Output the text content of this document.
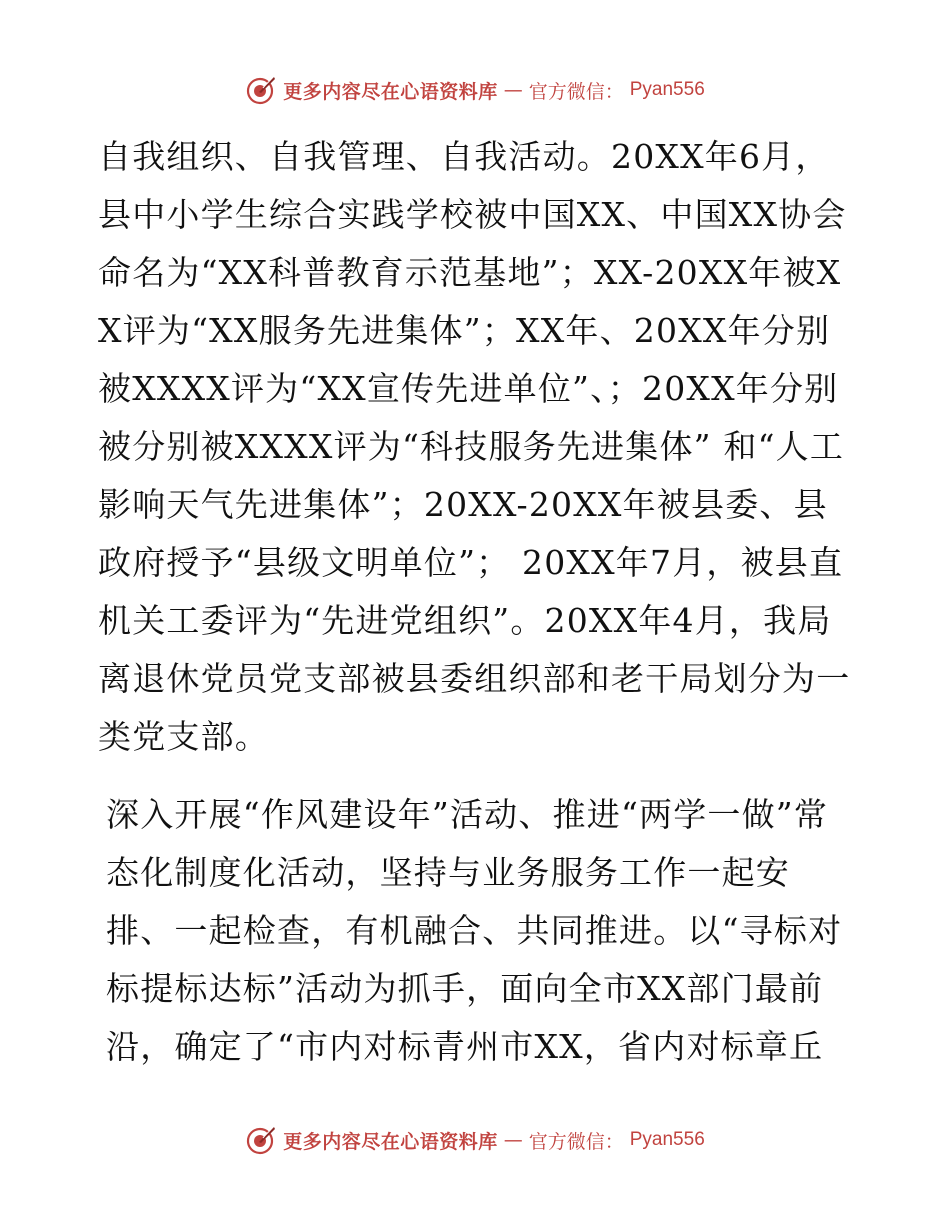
更多内容尽在心语资料库 — 官方微信： Pyan556

自我组织、自我管理、自我活动。20XX年6月，县中小学生综合实践学校被中国XX、中国XX协会命名为“XX科普教育示范基地”；XX-20XX年被XX评为“XX服务先进集体”；XX年、20XX年分别被XXXX评为“XX宣传先进单位”、；20XX年分别被分别被XXXX评为“科技服务先进集体” 和“人工影响天气先进集体”；20XX-20XX年被县委、县政府授予“县级文明单位”； 20XX年7月，被县直机关工委评为“先进党组织”。20XX年4月，我局离退休党员党支部被县委组织部和老干局划分为一类党支部。

深入开展“作风建设年”活动、推进“两学一做”常态化制度化活动，坚持与业务服务工作一起安排、一起检查，有机融合、共同推进。以“寻标对标提标达标”活动为抓手，面向全市XX部门最前沿，确定了“市内对标青州市XX，省内对标章丘

更多内容尽在心语资料库 — 官方微信： Pyan556
